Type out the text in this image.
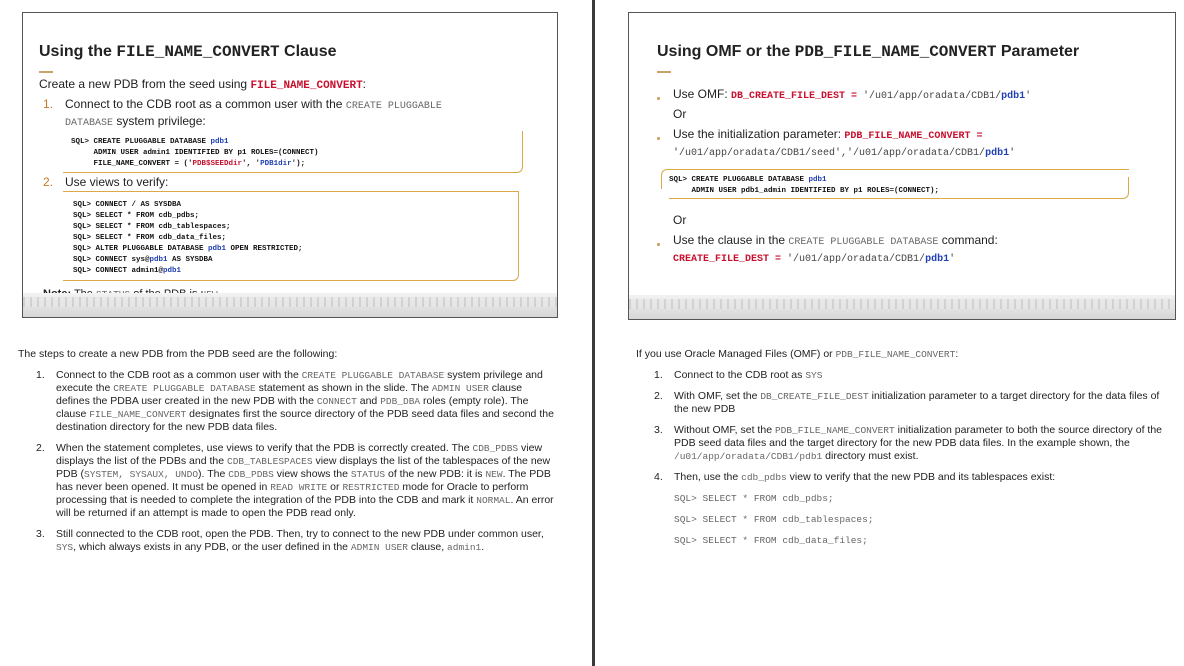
Using the FILE_NAME_CONVERT Clause
Create a new PDB from the seed using FILE_NAME_CONVERT:
1. Connect to the CDB root as a common user with the CREATE PLUGGABLE
DATABASE system privilege:
SQL> CREATE PLUGGABLE DATABASE pdb1
ADMIN USER admin1 IDENTIFIED BY p1 ROLES=(CONNECT)
FILE_NAME_CONVERT = ('PDB$SEEDdir', 'PDB1dir');
2. Use views to verify:
SQL> CONNECT / AS SYSDBA
SQL> SELECT * FROM cdb_pdbs;
SQL> SELECT * FROM cdb_tablespaces;
SQL> SELECT * FROM cdb_data_files;
SQL> ALTER PLUGGABLE DATABASE pdb1 OPEN RESTRICTED;
SQL> CONNECT sys@pdb1 AS SYSDBA
SQL> CONNECT admin1@pdb1
The steps to create a new PDB from the PDB seed are the following:
1. Connect to the CDB root as a common user with the CREATE PLUGGABLE DATABASE system privilege and execute the CREATE PLUGGABLE DATABASE statement as shown in the slide. The ADMIN USER clause defines the PDBA user created in the new PDB with the CONNECT and PDB_DBA roles (empty role). The clause FILE_NAME_CONVERT designates first the source directory of the PDB seed data files and second the destination directory for the new PDB data files.
2. When the statement completes, use views to verify that the PDB is correctly created. The CDB_PDBS view displays the list of the PDBs and the CDB_TABLESPACES view displays the list of the tablespaces of the new PDB (SYSTEM, SYSAUX, UNDO). The CDB_PDBS view shows the STATUS of the new PDB: it is NEW. The PDB has never been opened. It must be opened in READ WRITE or RESTRICTED mode for Oracle to perform processing that is needed to complete the integration of the PDB into the CDB and mark it NORMAL. An error will be returned if an attempt is made to open the PDB read only.
3. Still connected to the CDB root, open the PDB. Then, try to connect to the new PDB under common user, SYS, which always exists in any PDB, or the user defined in the ADMIN USER clause, admin1.
Using OMF or the PDB_FILE_NAME_CONVERT Parameter
Use OMF: DB_CREATE_FILE_DEST = '/u01/app/oradata/CDB1/pdb1'
Or
Use the initialization parameter: PDB_FILE_NAME_CONVERT =
'/u01/app/oradata/CDB1/seed','/u01/app/oradata/CDB1/pdb1'
SQL> CREATE PLUGGABLE DATABASE pdb1
ADMIN USER pdb1_admin IDENTIFIED BY p1 ROLES=(CONNECT);
Or
Use the clause in the CREATE PLUGGABLE DATABASE command:
CREATE_FILE_DEST = '/u01/app/oradata/CDB1/pdb1'
If you use Oracle Managed Files (OMF) or PDB_FILE_NAME_CONVERT:
1. Connect to the CDB root as SYS
2. With OMF, set the DB_CREATE_FILE_DEST initialization parameter to a target directory for the data files of the new PDB
3. Without OMF, set the PDB_FILE_NAME_CONVERT initialization parameter to both the source directory of the PDB seed data files and the target directory for the new PDB data files. In the example shown, the /u01/app/oradata/CDB1/pdb1 directory must exist.
4. Then, use the cdb_pdbs view to verify that the new PDB and its tablespaces exist:
SQL> SELECT * FROM cdb_pdbs;
SQL> SELECT * FROM cdb_tablespaces;
SQL> SELECT * FROM cdb_data_files;
